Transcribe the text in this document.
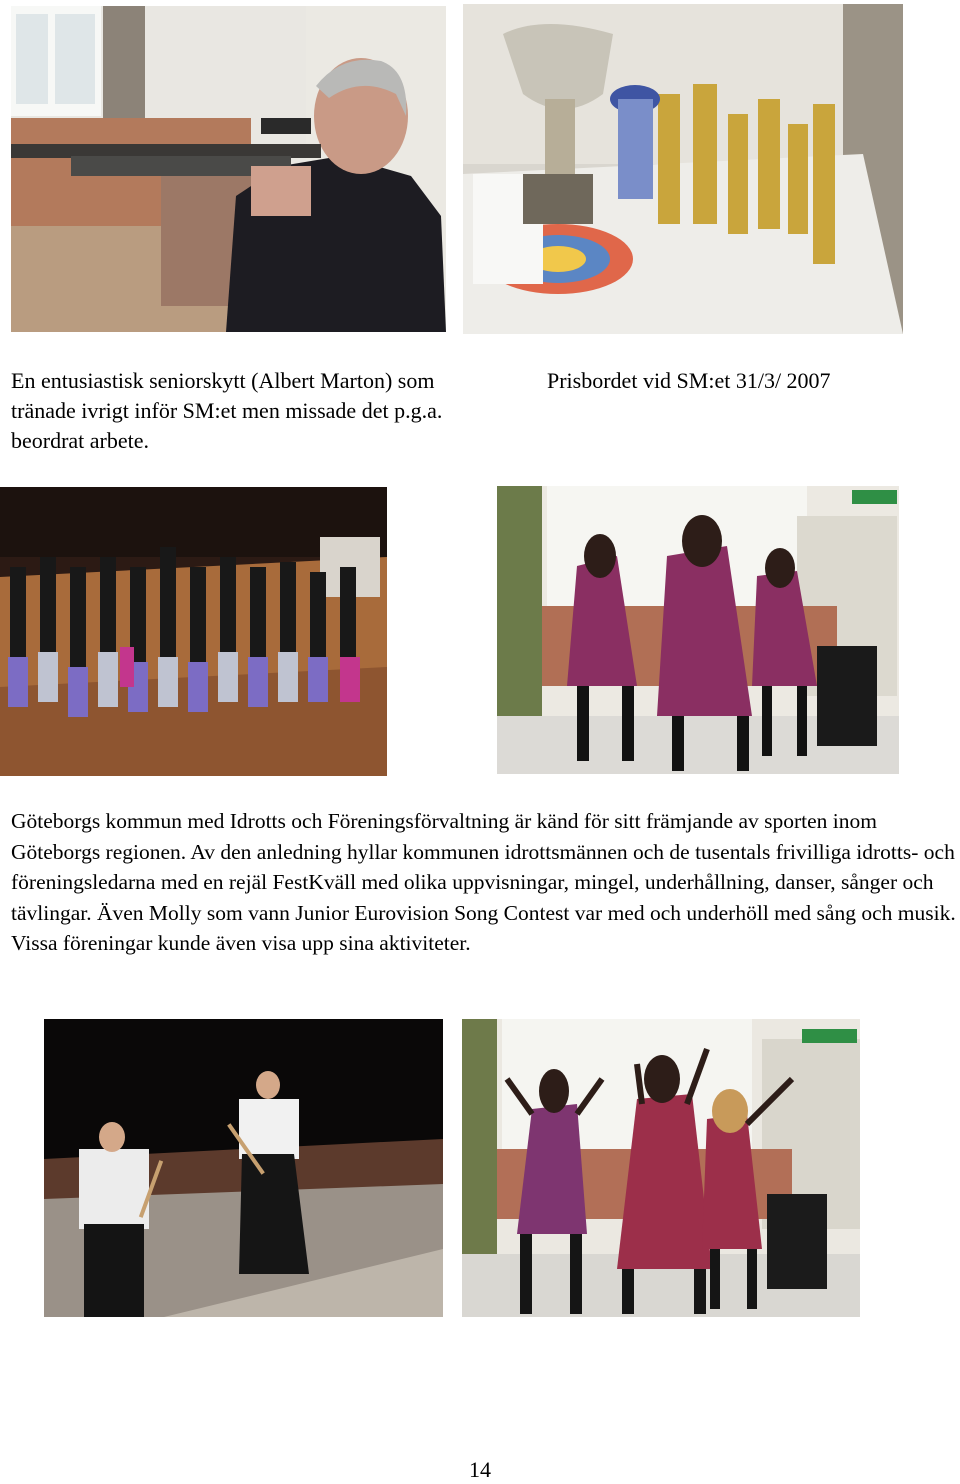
En entusiastisk seniorskytt (Albert Marton) som tränade ivrigt inför SM:et men missade det p.g.a. beordrat arbete.

Prisbordet vid SM:et 31/3/ 2007

Göteborgs kommun med Idrotts och Föreningsförvaltning är känd för sitt främjande av sporten inom Göteborgs regionen. Av den anledning hyllar kommunen idrottsmännen och de tusentals frivilliga idrotts- och föreningsledarna med en rejäl FestKväll med olika uppvisningar, mingel, underhållning, danser, sånger och tävlingar. Även Molly som vann Junior Eurovision Song Contest var med och underhöll med sång och musik. Vissa föreningar kunde även visa upp sina aktiviteter.

14
